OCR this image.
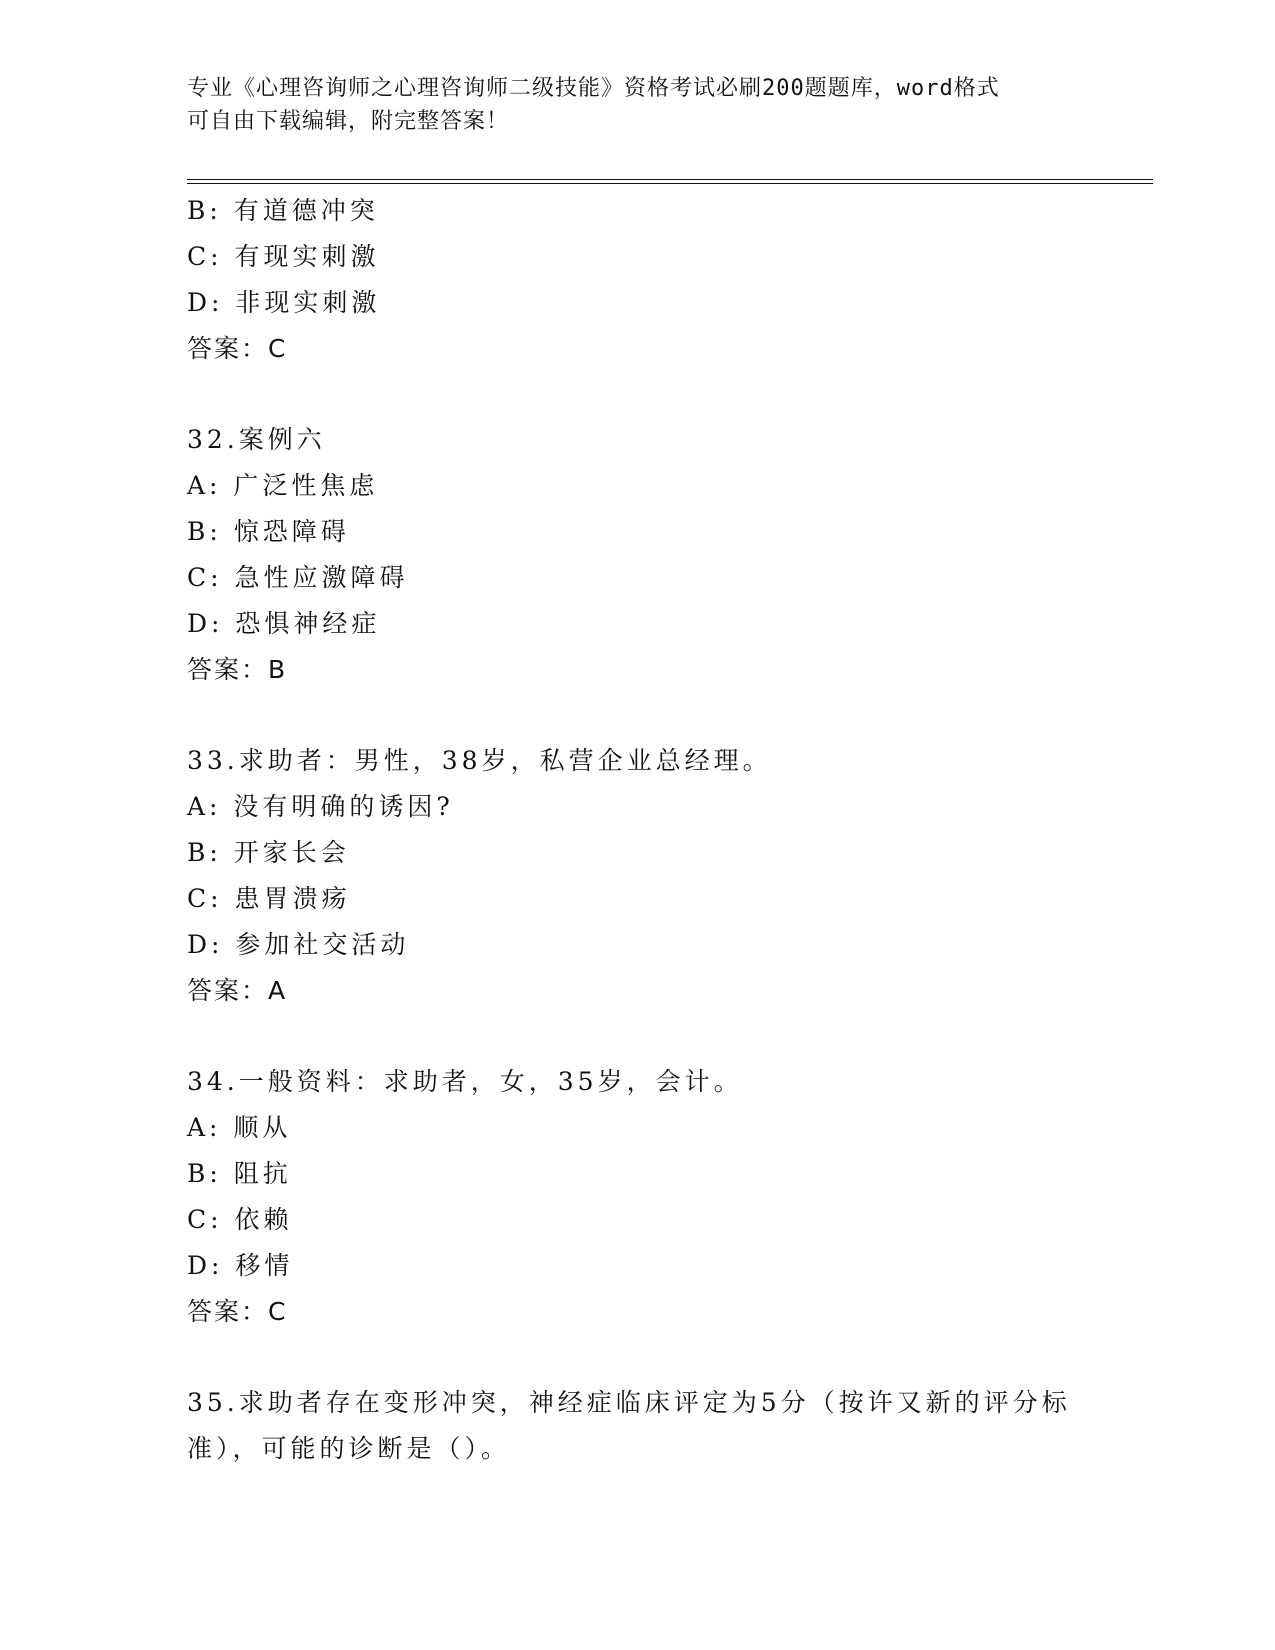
专业《心理咨询师之心理咨询师二级技能》资格考试必刷200题题库，word格式
可自由下载编辑，附完整答案！
B: 有道德冲突
C: 有现实刺激
D: 非现实刺激
答案：C
32.案例六
A: 广泛性焦虑
B: 惊恐障碍
C: 急性应激障碍
D: 恐惧神经症
答案：B
33.求助者：男性，38岁，私营企业总经理。
A: 没有明确的诱因?
B: 开家长会
C: 患胃溃疡
D: 参加社交活动
答案：A
34.一般资料：求助者，女，35岁，会计。
A: 顺从
B: 阻抗
C: 依赖
D: 移情
答案：C
35.求助者存在变形冲突，神经症临床评定为5分（按许又新的评分标准），可能的诊断是（）。
